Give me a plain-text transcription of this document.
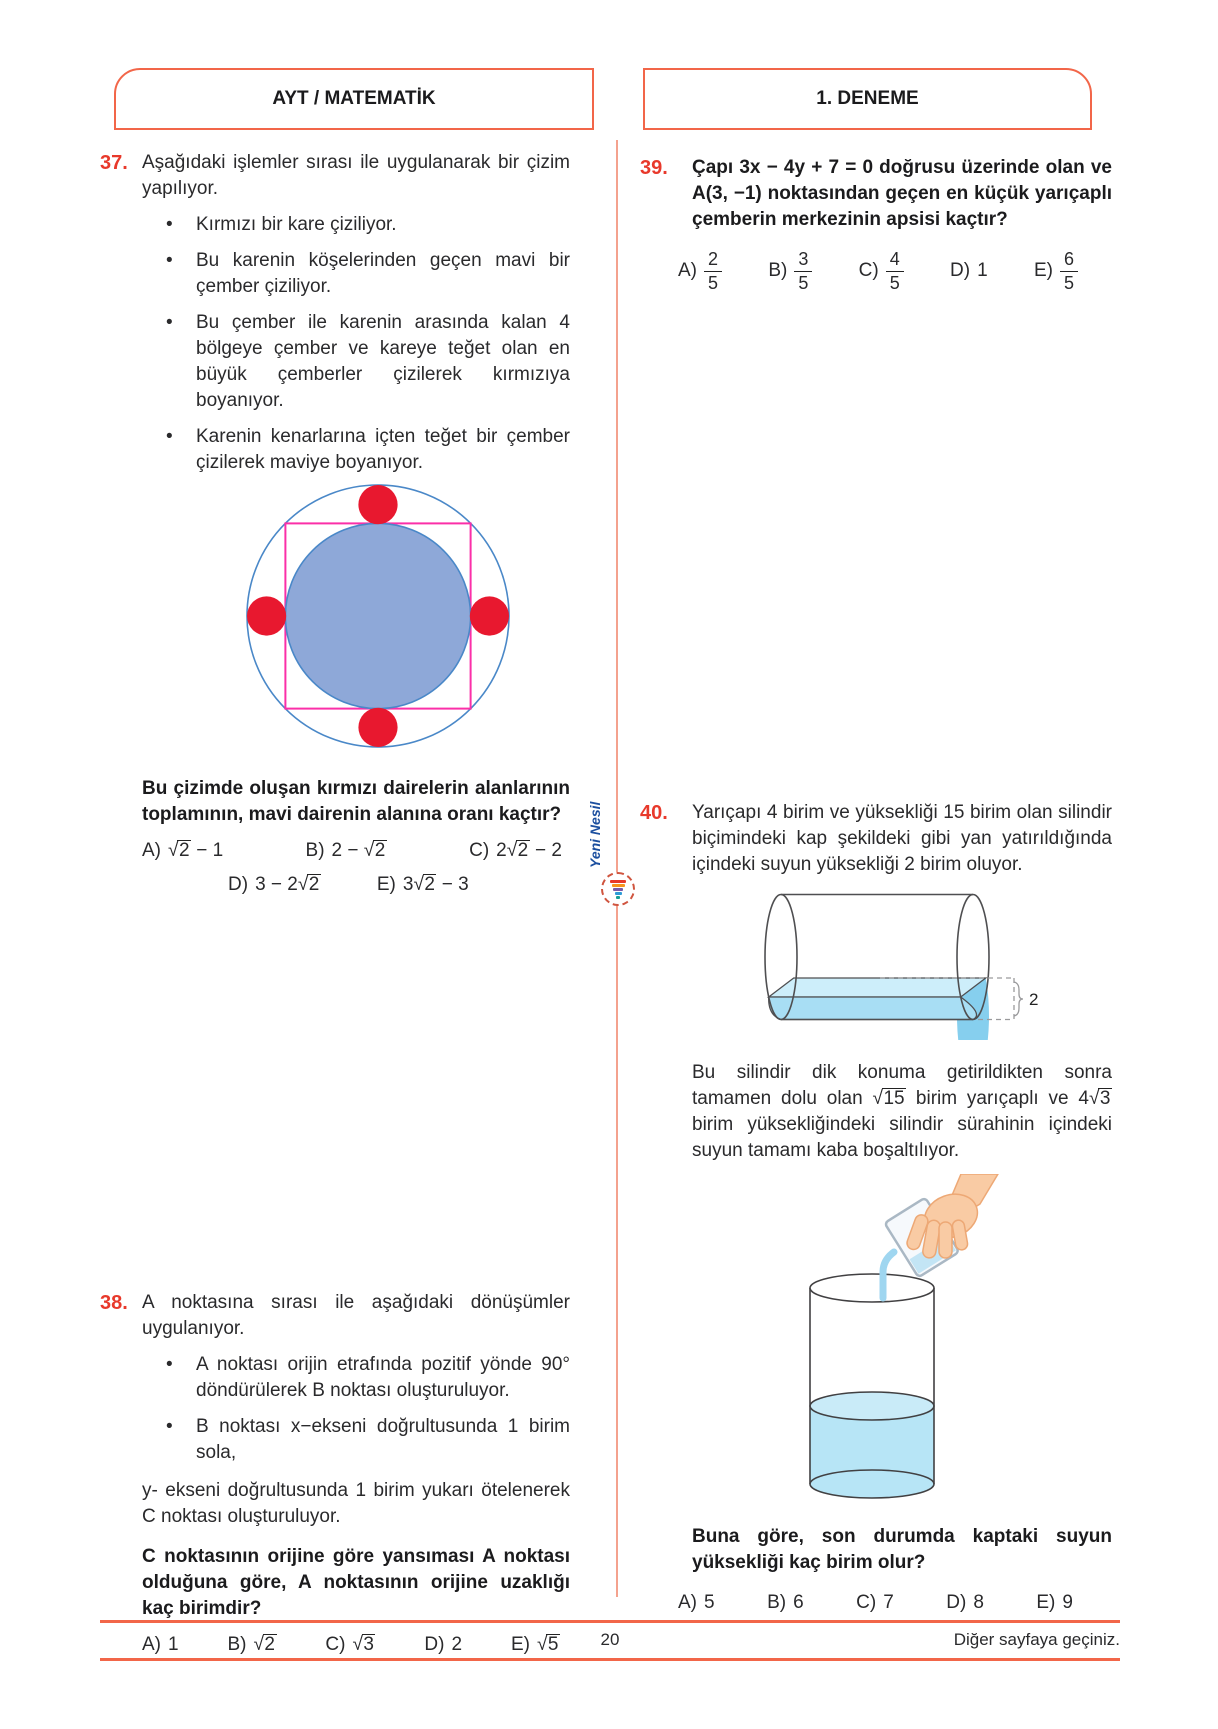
AYT / MATEMATİK	1. DENEME
37. Aşağıdaki işlemler sırası ile uygulanarak bir çizim yapılıyor.

• Kırmızı bir kare çiziliyor.
• Bu karenin köşelerinden geçen mavi bir çember çiziliyor.
• Bu çember ile karenin arasında kalan 4 bölgeye çember ve kareye teğet olan en büyük çemberler çizilerek kırmızıya boyanıyor.
• Karenin kenarlarına içten teğet bir çember çizilerek maviye boyanıyor.

Bu çizimde oluşan kırmızı dairelerin alanlarının toplamının, mavi dairenin alanına oranı kaçtır?

A) √2 − 1	B) 2 − √2	C) 2√2 − 2
D) 3 − 2√2	E) 3√2 − 3
38. A noktasına sırası ile aşağıdaki dönüşümler uygulanıyor.

• A noktası orijin etrafında pozitif yönde 90° döndürülerek B noktası oluşturuluyor.
• B noktası x−ekseni doğrultusunda 1 birim sola,

y- ekseni doğrultusunda 1 birim yukarı ötelenerek C noktası oluşturuluyor.

C noktasının orijine göre yansıması A noktası olduğuna göre, A noktasının orijine uzaklığı kaç birimdir?

A) 1	B) √2	C) √3	D) 2	E) √5
39. Çapı 3x − 4y + 7 = 0 doğrusu üzerinde olan ve A(3, −1) noktasından geçen en küçük yarıçaplı çemberin merkezinin apsisi kaçtır?

$A) \frac{2}{5} B) \frac{3}{5} C) \frac{4}{5} D$) 1 $E) \frac{6}{5}$
40. Yarıçapı 4 birim ve yüksekliği 15 birim olan silindir biçimindeki kap şekildeki gibi yan yatırıldığında içindeki suyun yüksekliği 2 birim oluyor.

2

Bu silindir dik konuma getirildikten sonra tamamen dolu olan √15 birim yarıçaplı ve 4√3 birim yüksekliğindeki silindir sürahinin içindeki suyun tamamı kaba boşaltılıyor.

Buna göre, son durumda kaptaki suyun yüksekliği kaç birim olur?

A) 5	B) 6	C) 7	D) 8	E) 9
Yeni Nesil
20	Diğer sayfaya geçiniz.
